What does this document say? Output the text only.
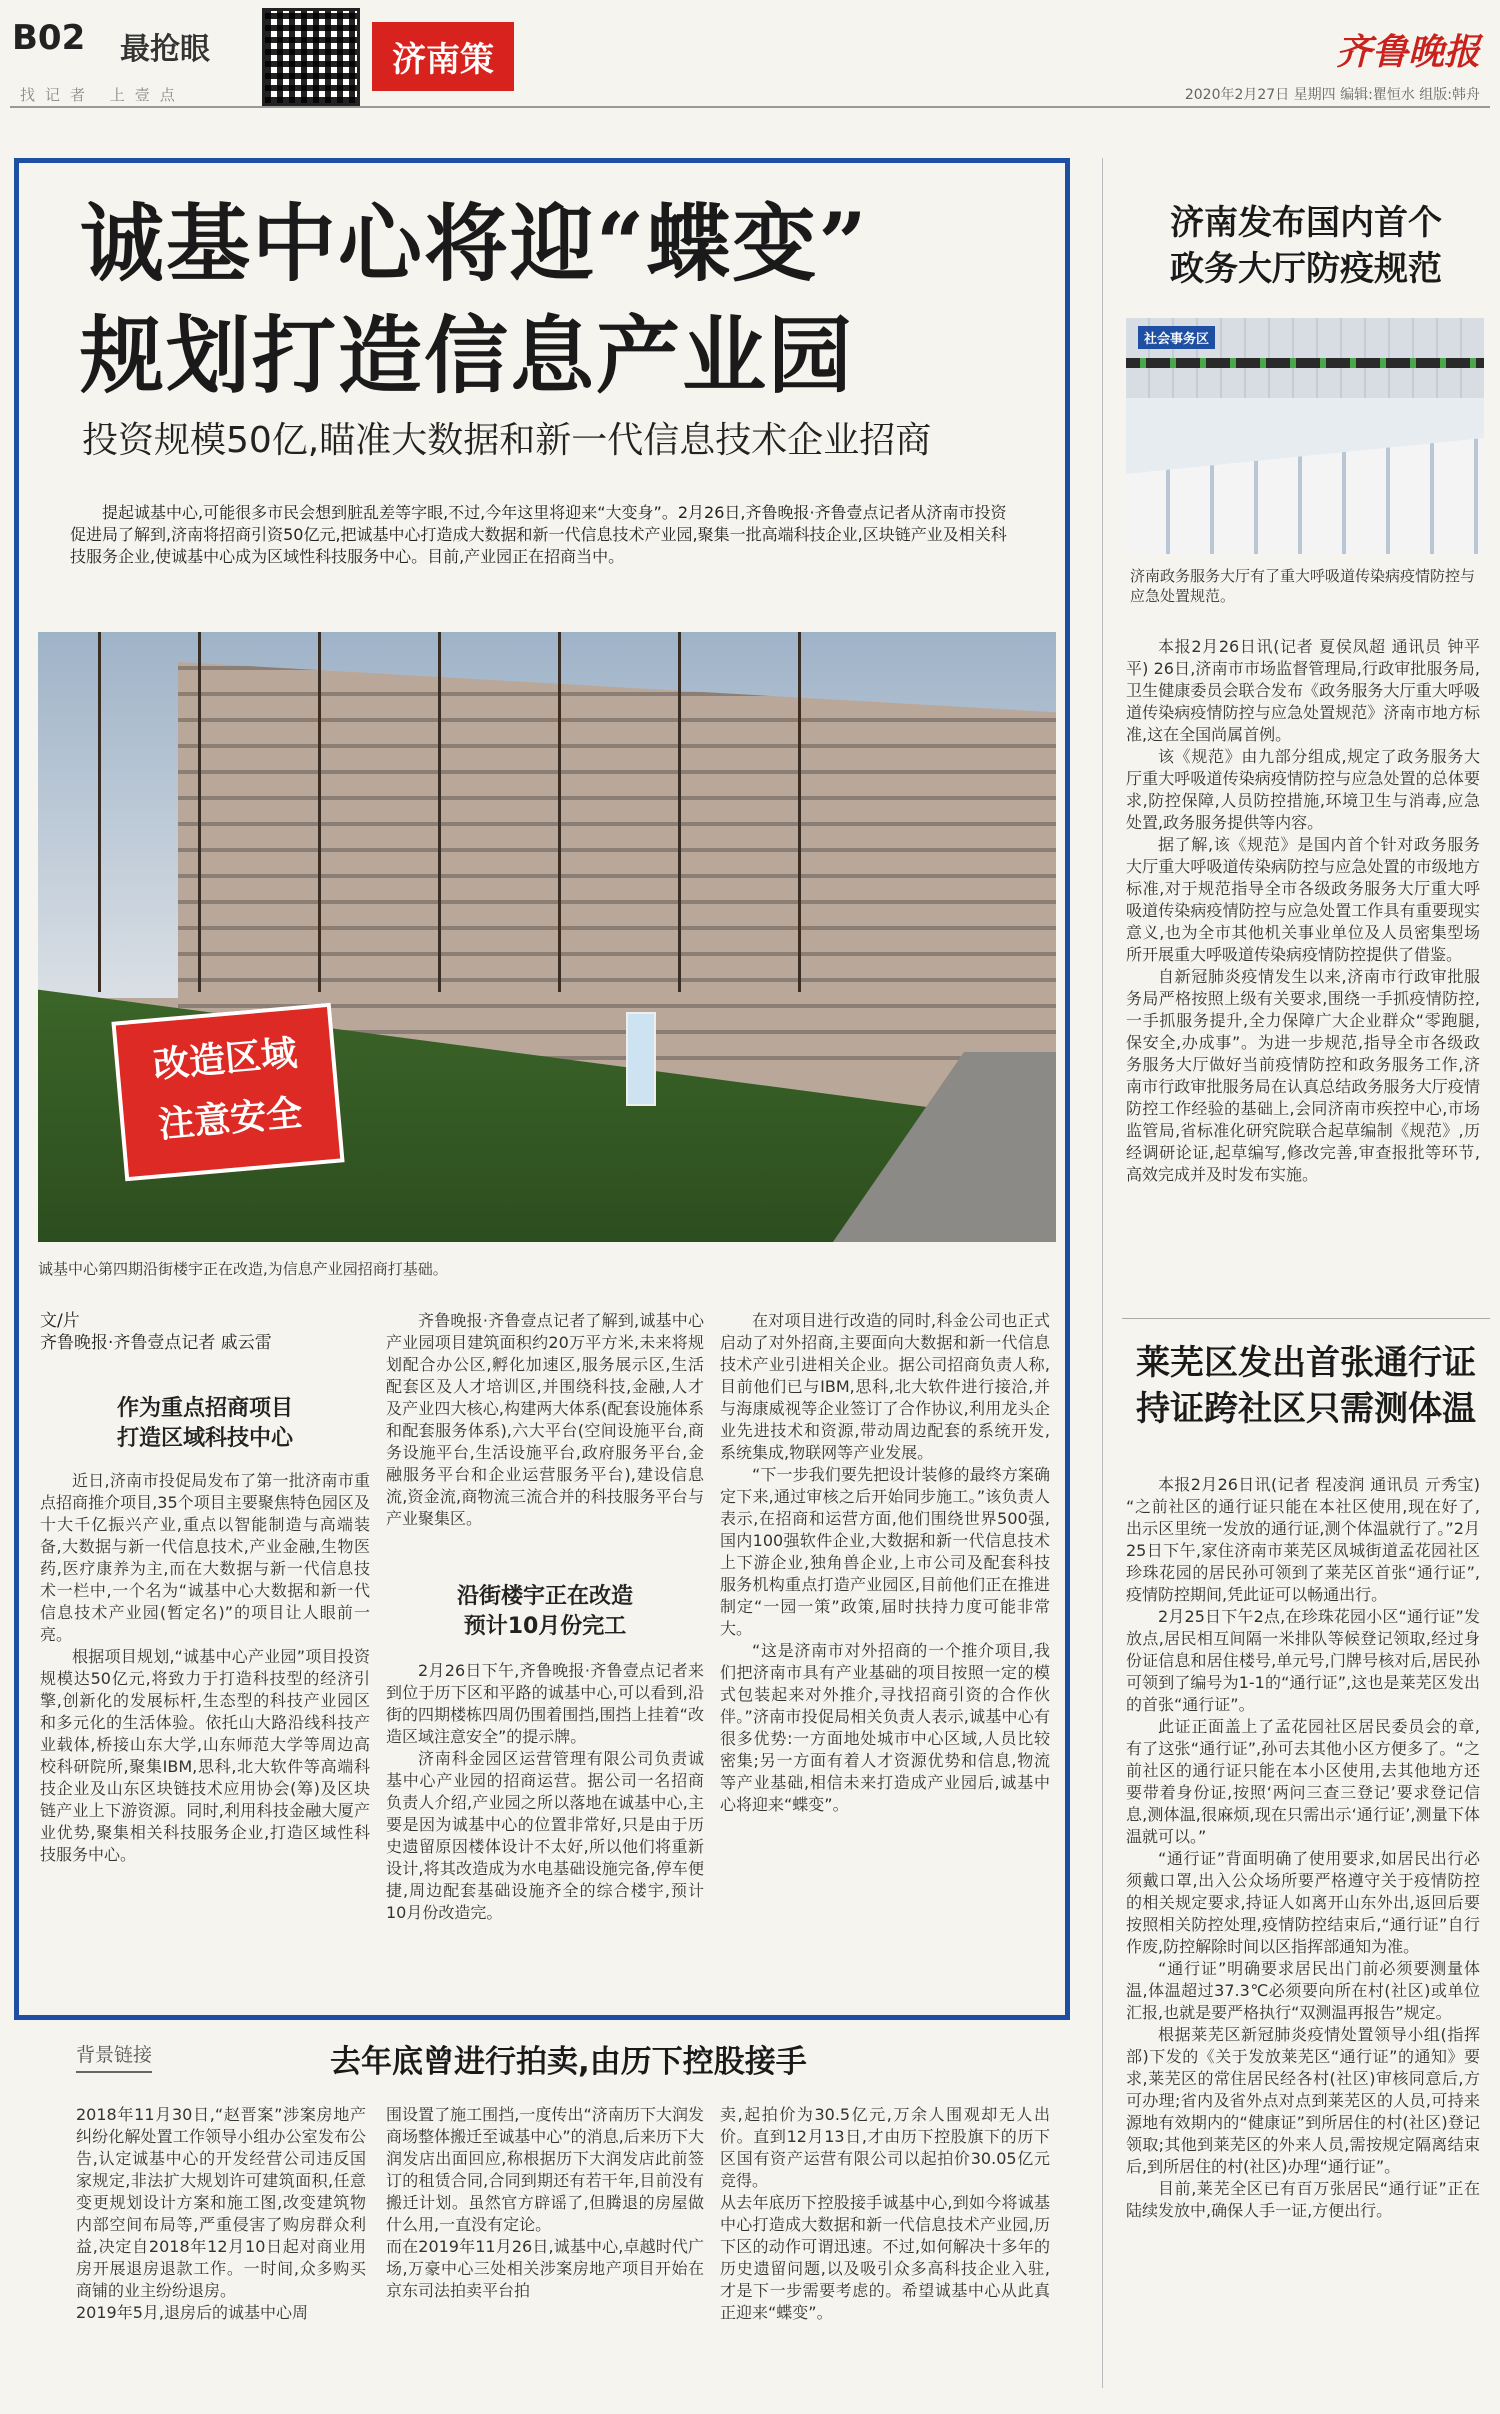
B02 最抢眼	济南策
找记者 上壹点
齐鲁晚报
2020年2月27日 星期四 编辑:瞿恒水 组版:韩舟
诚基中心将迎“蝶变”
规划打造信息产业园
投资规模50亿,瞄准大数据和新一代信息技术企业招商
提起诚基中心,可能很多市民会想到脏乱差等字眼,不过,今年这里将迎来“大变身”。2月26日,齐鲁晚报·齐鲁壹点记者从济南市投资促进局了解到,济南将招商引资50亿元,把诚基中心打造成大数据和新一代信息技术产业园,聚集一批高端科技企业,区块链产业及相关科技服务企业,使诚基中心成为区域性科技服务中心。目前,产业园正在招商当中。
改造区域
注意安全
诚基中心第四期沿街楼宇正在改造,为信息产业园招商打基础。
文/片
齐鲁晚报·齐鲁壹点记者 戚云雷
作为重点招商项目
打造区域科技中心

近日,济南市投促局发布了第一批济南市重点招商推介项目,35个项目主要聚焦特色园区及十大千亿振兴产业,重点以智能制造与高端装备,大数据与新一代信息技术,产业金融,生物医药,医疗康养为主,而在大数据与新一代信息技术一栏中,一个名为“诚基中心大数据和新一代信息技术产业园(暂定名)”的项目让人眼前一亮。

根据项目规划,“诚基中心产业园”项目投资规模达50亿元,将致力于打造科技型的经济引擎,创新化的发展标杆,生态型的科技产业园区和多元化的生活体验。依托山大路沿线科技产业载体,桥接山东大学,山东师范大学等周边高校科研院所,聚集IBM,思科,北大软件等高端科技企业及山东区块链技术应用协会(筹)及区块链产业上下游资源。同时,利用科技金融大厦产业优势,聚集相关科技服务企业,打造区域性科技服务中心。

齐鲁晚报·齐鲁壹点记者了解到,诚基中心产业园项目建筑面积约20万平方米,未来将规划配合办公区,孵化加速区,服务展示区,生活配套区及人才培训区,并围绕科技,金融,人才及产业四大核心,构建两大体系(配套设施体系和配套服务体系),六大平台(空间设施平台,商务设施平台,生活设施平台,政府服务平台,金融服务平台和企业运营服务平台),建设信息流,资金流,商物流三流合并的科技服务平台与产业聚集区。

沿街楼宇正在改造
预计10月份完工

2月26日下午,齐鲁晚报·齐鲁壹点记者来到位于历下区和平路的诚基中心,可以看到,沿街的四期楼栋四周仍围着围挡,围挡上挂着“改造区域注意安全”的提示牌。

济南科金园区运营管理有限公司负责诚基中心产业园的招商运营。据公司一名招商负责人介绍,产业园之所以落地在诚基中心,主要是因为诚基中心的位置非常好,只是由于历史遗留原因楼体设计不太好,所以他们将重新设计,将其改造成为水电基础设施完备,停车便捷,周边配套基础设施齐全的综合楼宇,预计10月份改造完。

在对项目进行改造的同时,科金公司也正式启动了对外招商,主要面向大数据和新一代信息技术产业引进相关企业。据公司招商负责人称,目前他们已与IBM,思科,北大软件进行接洽,并与海康威视等企业签订了合作协议,利用龙头企业先进技术和资源,带动周边配套的系统开发,系统集成,物联网等产业发展。

“下一步我们要先把设计装修的最终方案确定下来,通过审核之后开始同步施工。”该负责人表示,在招商和运营方面,他们围绕世界500强,国内100强软件企业,大数据和新一代信息技术上下游企业,独角兽企业,上市公司及配套科技服务机构重点打造产业园区,目前他们正在推进制定“一园一策”政策,届时扶持力度可能非常大。

“这是济南市对外招商的一个推介项目,我们把济南市具有产业基础的项目按照一定的模式包装起来对外推介,寻找招商引资的合作伙伴。”济南市投促局相关负责人表示,诚基中心有很多优势:一方面地处城市中心区域,人员比较密集;另一方面有着人才资源优势和信息,物流等产业基础,相信未来打造成产业园后,诚基中心将迎来“蝶变”。

背景链接	去年底曾进行拍卖,由历下控股接手
2018年11月30日,“赵晋案”涉案房地产纠纷化解处置工作领导小组办公室发布公告,认定诚基中心的开发经营公司违反国家规定,非法扩大规划许可建筑面积,任意变更规划设计方案和施工图,改变建筑物内部空间布局等,严重侵害了购房群众利益,决定自2018年12月10日起对商业用房开展退房退款工作。一时间,众多购买商铺的业主纷纷退房。
2019年5月,退房后的诚基中心周
围设置了施工围挡,一度传出“济南历下大润发商场整体搬迁至诚基中心”的消息,后来历下大润发店出面回应,称根据历下大润发店此前签订的租赁合同,合同到期还有若干年,目前没有搬迁计划。虽然官方辟谣了,但腾退的房屋做什么用,一直没有定论。
而在2019年11月26日,诚基中心,卓越时代广场,万豪中心三处相关涉案房地产项目开始在京东司法拍卖平台拍
卖,起拍价为30.5亿元,万余人围观却无人出价。直到12月13日,才由历下控股旗下的历下区国有资产运营有限公司以起拍价30.05亿元竞得。
从去年底历下控股接手诚基中心,到如今将诚基中心打造成大数据和新一代信息技术产业园,历下区的动作可谓迅速。不过,如何解决十多年的历史遗留问题,以及吸引众多高科技企业入驻,才是下一步需要考虑的。希望诚基中心从此真正迎来“蝶变”。
济南发布国内首个
政务大厅防疫规范
社会事务区
济南政务服务大厅有了重大呼吸道传染病疫情防控与应急处置规范。

本报2月26日讯(记者 夏侯凤超 通讯员 钟平平) 26日,济南市市场监督管理局,行政审批服务局,卫生健康委员会联合发布《政务服务大厅重大呼吸道传染病疫情防控与应急处置规范》济南市地方标准,这在全国尚属首例。

该《规范》由九部分组成,规定了政务服务大厅重大呼吸道传染病疫情防控与应急处置的总体要求,防控保障,人员防控措施,环境卫生与消毒,应急处置,政务服务提供等内容。

据了解,该《规范》是国内首个针对政务服务大厅重大呼吸道传染病防控与应急处置的市级地方标准,对于规范指导全市各级政务服务大厅重大呼吸道传染病疫情防控与应急处置工作具有重要现实意义,也为全市其他机关事业单位及人员密集型场所开展重大呼吸道传染病疫情防控提供了借鉴。

自新冠肺炎疫情发生以来,济南市行政审批服务局严格按照上级有关要求,围绕一手抓疫情防控,一手抓服务提升,全力保障广大企业群众“零跑腿,保安全,办成事”。为进一步规范,指导全市各级政务服务大厅做好当前疫情防控和政务服务工作,济南市行政审批服务局在认真总结政务服务大厅疫情防控工作经验的基础上,会同济南市疾控中心,市场监管局,省标准化研究院联合起草编制《规范》,历经调研论证,起草编写,修改完善,审查报批等环节,高效完成并及时发布实施。

莱芜区发出首张通行证
持证跨社区只需测体温

本报2月26日讯(记者 程凌润 通讯员 亓秀宝) “之前社区的通行证只能在本社区使用,现在好了,出示区里统一发放的通行证,测个体温就行了。”2月25日下午,家住济南市莱芜区凤城街道孟花园社区珍珠花园的居民孙可领到了莱芜区首张“通行证”,疫情防控期间,凭此证可以畅通出行。

2月25日下午2点,在珍珠花园小区“通行证”发放点,居民相互间隔一米排队等候登记领取,经过身份证信息和居住楼号,单元号,门牌号核对后,居民孙可领到了编号为1-1的“通行证”,这也是莱芜区发出的首张“通行证”。

此证正面盖上了孟花园社区居民委员会的章,有了这张“通行证”,孙可去其他小区方便多了。“之前社区的通行证只能在本小区使用,去其他地方还要带着身份证,按照‘两问三查三登记’要求登记信息,测体温,很麻烦,现在只需出示‘通行证’,测量下体温就可以。”

“通行证”背面明确了使用要求,如居民出行必须戴口罩,出入公众场所要严格遵守关于疫情防控的相关规定要求,持证人如离开山东外出,返回后要按照相关防控处理,疫情防控结束后,“通行证”自行作废,防控解除时间以区指挥部通知为准。

“通行证”明确要求居民出门前必须要测量体温,体温超过37.3℃必须要向所在村(社区)或单位汇报,也就是要严格执行“双测温再报告”规定。

根据莱芜区新冠肺炎疫情处置领导小组(指挥部)下发的《关于发放莱芜区“通行证”的通知》要求,莱芜区的常住居民经各村(社区)审核同意后,方可办理;省内及省外点对点到莱芜区的人员,可持来源地有效期内的“健康证”到所居住的村(社区)登记领取;其他到莱芜区的外来人员,需按规定隔离结束后,到所居住的村(社区)办理“通行证”。

目前,莱芜全区已有百万张居民“通行证”正在陆续发放中,确保人手一证,方便出行。
